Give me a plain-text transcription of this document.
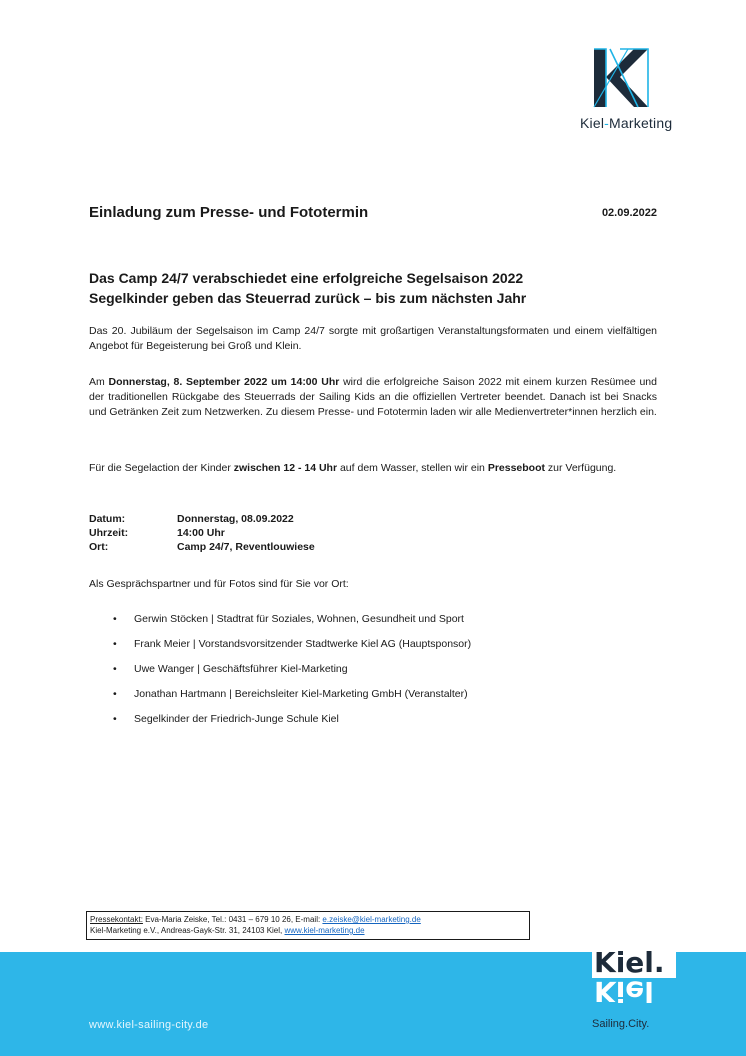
Kiel-Marketing
Einladung zum Presse- und Fototermin	02.09.2022
Das Camp 24/7 verabschiedet eine erfolgreiche Segelsaison 2022
Segelkinder geben das Steuerrad zurück – bis zum nächsten Jahr
Das 20. Jubiläum der Segelsaison im Camp 24/7 sorgte mit großartigen Veranstaltungsformaten und einem vielfältigen Angebot für Begeisterung bei Groß und Klein.
Am Donnerstag, 8. September 2022 um 14:00 Uhr wird die erfolgreiche Saison 2022 mit einem kurzen Resümee und der traditionellen Rückgabe des Steuerrads der Sailing Kids an die offiziellen Vertreter beendet. Danach ist bei Snacks und Getränken Zeit zum Netzwerken. Zu diesem Presse- und Fototermin laden wir alle Medienvertreter*innen herzlich ein.
Für die Segelaction der Kinder zwischen 12 - 14 Uhr auf dem Wasser, stellen wir ein Presseboot zur Verfügung.
Datum:	Donnerstag, 08.09.2022
Uhrzeit:	14:00 Uhr
Ort:	Camp 24/7, Reventlouwiese
Als Gesprächspartner und für Fotos sind für Sie vor Ort:
• Gerwin Stöcken | Stadtrat für Soziales, Wohnen, Gesundheit und Sport
• Frank Meier | Vorstandsvorsitzender Stadtwerke Kiel AG (Hauptsponsor)
• Uwe Wanger | Geschäftsführer Kiel-Marketing
• Jonathan Hartmann | Bereichsleiter Kiel-Marketing GmbH (Veranstalter)
• Segelkinder der Friedrich-Junge Schule Kiel
Pressekontakt: Eva-Maria Zeiske, Tel.: 0431 – 679 10 26, E-mail: e.zeiske@kiel-marketing.de
Kiel-Marketing e.V., Andreas-Gayk-Str. 31, 24103 Kiel, www.kiel-marketing.de
www.kiel-sailing-city.de
Kiel.
Kiel
Sailing.City.
